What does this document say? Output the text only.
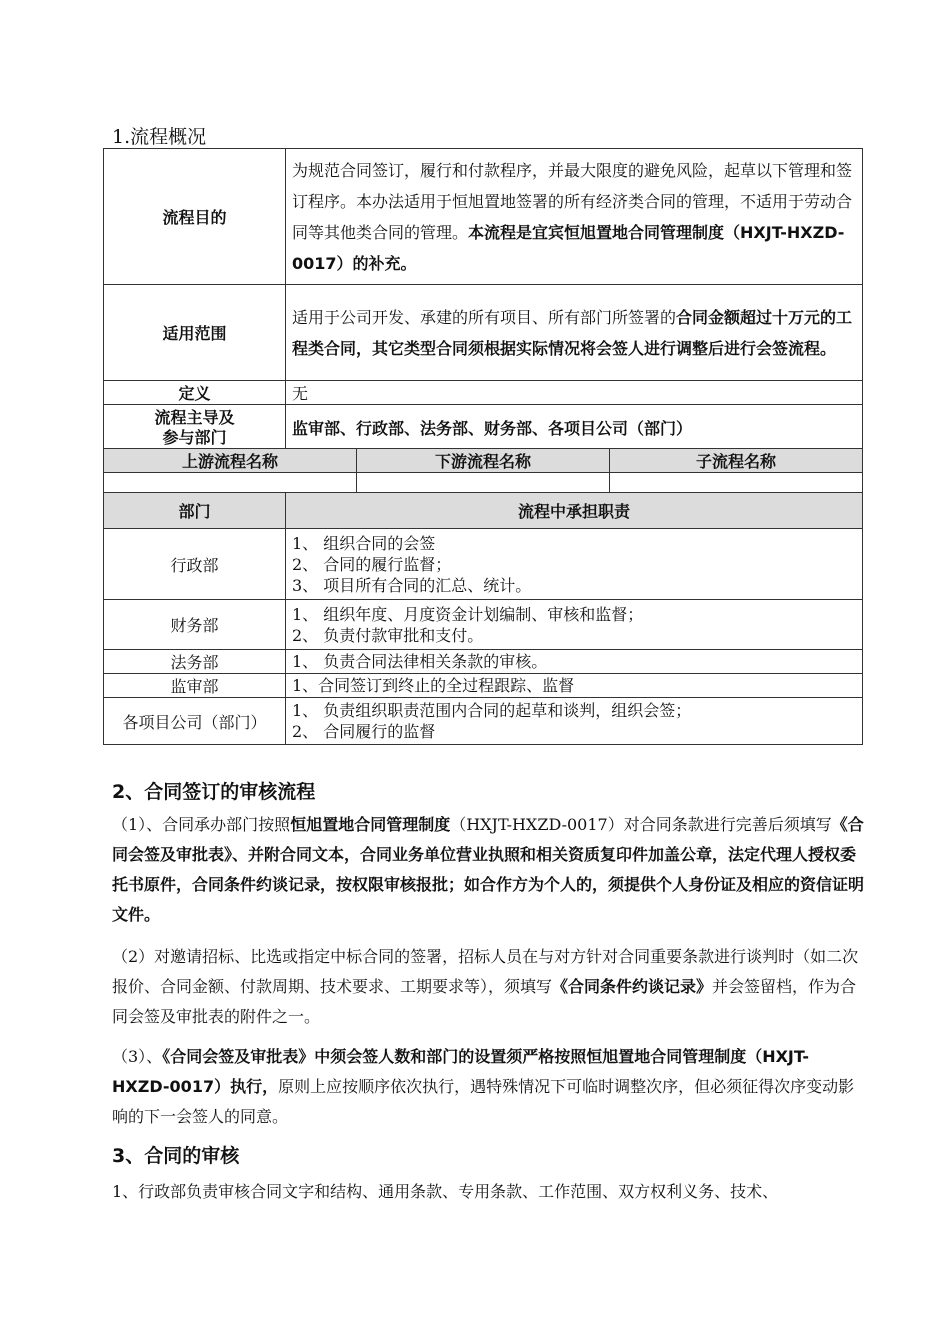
1.流程概况
流程目的	为规范合同签订，履行和付款程序，并最大限度的避免风险，起草以下管理和签订程序。本办法适用于恒旭置地签署的所有经济类合同的管理，不适用于劳动合同等其他类合同的管理。本流程是宜宾恒旭置地合同管理制度（HXJT-HXZD-0017）的补充。
适用范围	适用于公司开发、承建的所有项目、所有部门所签署的合同金额超过十万元的工程类合同，其它类型合同须根据实际情况将会签人进行调整后进行会签流程。
定义	无
流程主导及
参与部门	监审部、行政部、法务部、财务部、各项目公司（部门）
上游流程名称	下游流程名称	子流程名称

部门	流程中承担职责
行政部	1、 组织合同的会签
2、 合同的履行监督；
3、 项目所有合同的汇总、统计。

财务部	1、 组织年度、月度资金计划编制、审核和监督；
2、 负责付款审批和支付。

法务部	1、 负责合同法律相关条款的审核。

监审部	1、合同签订到终止的全过程跟踪、监督

各项目公司（部门）	1、 负责组织职责范围内合同的起草和谈判，组织会签；
2、 合同履行的监督
2、合同签订的审核流程
（1）、合同承办部门按照恒旭置地合同管理制度（HXJT-HXZD-0017）对合同条款进行完善后须填写《合同会签及审批表》、并附合同文本，合同业务单位营业执照和相关资质复印件加盖公章，法定代理人授权委托书原件，合同条件约谈记录，按权限审核报批；如合作方为个人的，须提供个人身份证及相应的资信证明文件。
（2）对邀请招标、比选或指定中标合同的签署，招标人员在与对方针对合同重要条款进行谈判时（如二次报价、合同金额、付款周期、技术要求、工期要求等），须填写《合同条件约谈记录》并会签留档，作为合同会签及审批表的附件之一。
（3）、《合同会签及审批表》中须会签人数和部门的设置须严格按照恒旭置地合同管理制度（HXJT-HXZD-0017）执行，原则上应按顺序依次执行，遇特殊情况下可临时调整次序，但必须征得次序变动影响的下一会签人的同意。
3、合同的审核
1、行政部负责审核合同文字和结构、通用条款、专用条款、工作范围、双方权利义务、技术、
